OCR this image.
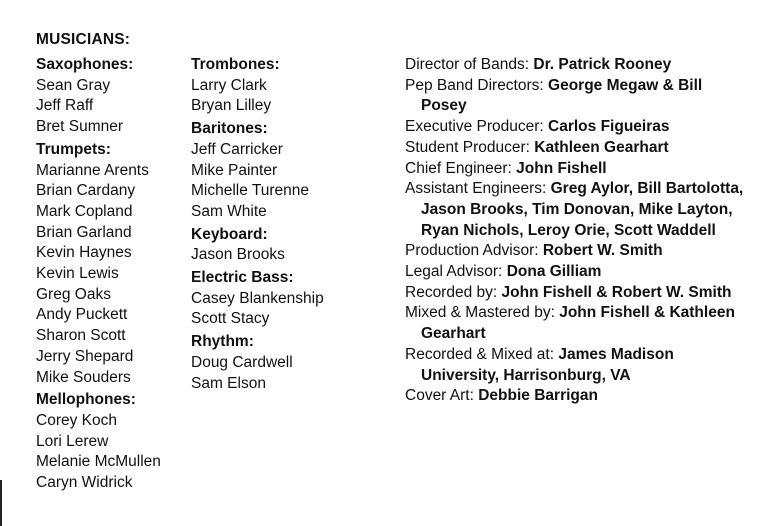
MUSICIANS:
Saxophones:
Sean Gray
Jeff Raff
Bret Sumner
Trumpets:
Marianne Arents
Brian Cardany
Mark Copland
Brian Garland
Kevin Haynes
Kevin Lewis
Greg Oaks
Andy Puckett
Sharon Scott
Jerry Shepard
Mike Souders
Mellophones:
Corey Koch
Lori Lerew
Melanie McMullen
Caryn Widrick
Trombones:
Larry Clark
Bryan Lilley
Baritones:
Jeff Carricker
Mike Painter
Michelle Turenne
Sam White
Keyboard:
Jason Brooks
Electric Bass:
Casey Blankenship
Scott Stacy
Rhythm:
Doug Cardwell
Sam Elson
Director of Bands: Dr. Patrick Rooney
Pep Band Directors: George Megaw & Bill Posey
Executive Producer: Carlos Figueiras
Student Producer: Kathleen Gearhart
Chief Engineer: John Fishell
Assistant Engineers: Greg Aylor, Bill Bartolotta, Jason Brooks, Tim Donovan, Mike Layton, Ryan Nichols, Leroy Orie, Scott Waddell
Production Advisor: Robert W. Smith
Legal Advisor: Dona Gilliam
Recorded by: John Fishell & Robert W. Smith
Mixed & Mastered by: John Fishell & Kathleen Gearhart
Recorded & Mixed at: James Madison University, Harrisonburg, VA
Cover Art: Debbie Barrigan
